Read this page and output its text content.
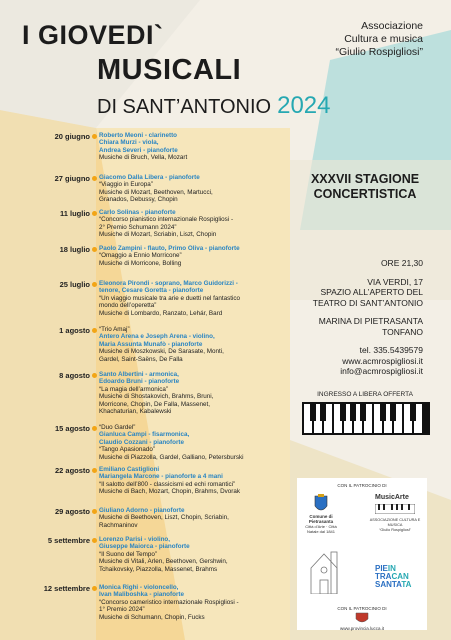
I GIOVEDI`
MUSICALI
DI SANT’ANTONIO 2024
Associazione
Cultura e musica
“Giulio Rospigliosi”
20 giugno Roberto Meoni - clarinetto
Chiara Murzi - viola,
Andrea Severi - pianoforte
Musiche di Bruch, Vella, Mozart
27 giugno Giacomo Dalla Libera - pianoforte
“Viaggio in Europa”
Musiche di Mozart, Beethoven, Martucci,
Granados, Debussy, Chopin
11 luglio Carlo Solinas - pianoforte
“Concorso pianistico internazionale Rospigliosi -
2° Premio Schumann 2024”
Musiche di Mozart, Scriabin, Liszt, Chopin
18 luglio Paolo Zampini - flauto, Primo Oliva - pianoforte
“Omaggio a Ennio Morricone”
Musiche di Morricone, Bolling
25 luglio Eleonora Pirondi - soprano, Marco Guidorizzi -
tenore, Cesare Goretta - pianoforte
“Un viaggio musicale tra arie e duetti nel fantastico
mondo dell’operetta”
Musiche di Lombardo, Ranzato, Lehár, Bard
1 agosto “Trio Amaj”
Antero Arena e Joseph Arena - violino,
Maria Assunta Munafò - pianoforte
Musiche di Moszkowski, De Sarasate, Monti,
Gardel, Saint-Saëns, De Falla
8 agosto Santo Albertini - armonica,
Edoardo Bruni - pianoforte
“La magia dell’armonica”
Musiche di Shostakovich, Brahms, Bruni,
Morricone, Chopin, De Falla, Massenet,
Khachaturian, Kabalewski
15 agosto “Duo Gardel”
Gianluca Campi - fisarmonica,
Claudio Cozzani - pianoforte
“Tango Apasionado”
Musiche di Piazzolla, Gardel, Galliano, Petersburski
22 agosto Emiliano Castiglioni
Mariangela Marcone - pianoforte a 4 mani
“Il salotto dell’800 - classicismi ed echi romantici”
Musiche di Bach, Mozart, Chopin, Brahms, Dvorak
29 agosto Giuliano Adorno - pianoforte
Musiche di Beethoven, Liszt, Chopin, Scriabin,
Rachmaninov
5 settembre Lorenzo Parisi - violino,
Giuseppe Maiorca - pianoforte
“Il Suono del Tempo”
Musiche di Vitali, Arlen, Beethoven, Gershwin,
Tchaikovsky, Piazzolla, Massenet, Brahms
12 settembre Monica Righi - violoncello,
Ivan Maliboshka - pianoforte
“Concorso cameristico internazionale Rospigliosi -
1° Premio 2024”
Musiche di Schumann, Chopin, Fucks
XXXVII STAGIONE
CONCERTISTICA
ORE 21,30
VIA VERDI, 17
SPAZIO ALL’APERTO DEL
TEATRO DI SANT’ANTONIO
MARINA DI PIETRASANTA
TONFANO
tel. 335.5439579
www.acmrospigliosi.it
info@acmrospigliosi.it
INGRESSO A LIBERA OFFERTA
CON IL PATROCINIO DI
Comune di Pietrasanta
Città d’Arte · Città Natale dal 1841
MusicArte
ASSOCIAZIONE CULTURA E MUSICA
“Giulio Rospigliosi”
PIEIN
TRACAN
SANTATA
CON IL PATROCINIO DI
www.provincia.lucca.it
